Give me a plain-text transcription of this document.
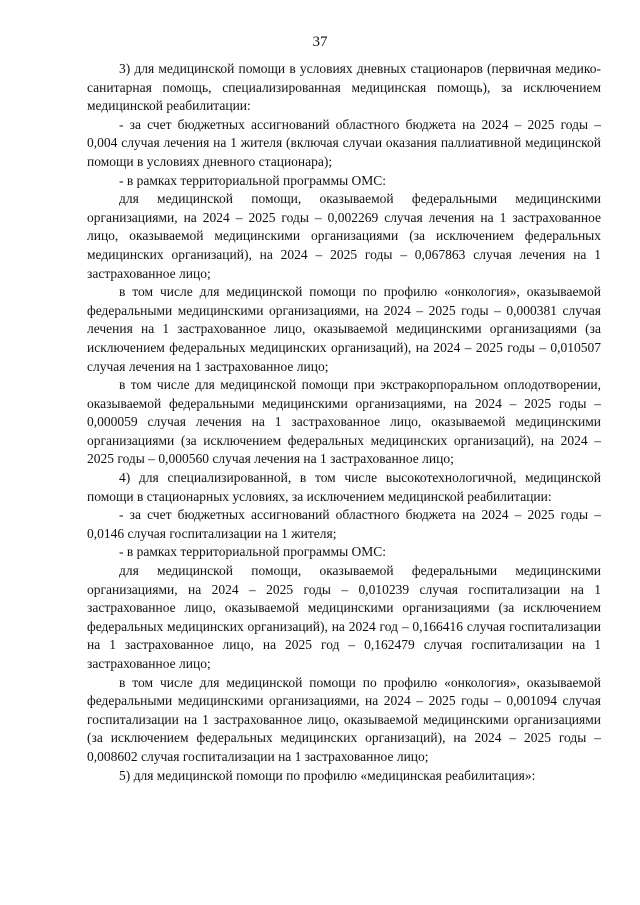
37

3) для медицинской помощи в условиях дневных стационаров (первичная медико-санитарная помощь, специализированная медицинская помощь), за исключением медицинской реабилитации:

- за счет бюджетных ассигнований областного бюджета на 2024 – 2025 годы – 0,004 случая лечения на 1 жителя (включая случаи оказания паллиативной медицинской помощи в условиях дневного стационара);

- в рамках территориальной программы ОМС:

для медицинской помощи, оказываемой федеральными медицинскими организациями, на 2024 – 2025 годы – 0,002269 случая лечения на 1 застрахованное лицо, оказываемой медицинскими организациями (за исключением федеральных медицинских организаций), на 2024 – 2025 годы – 0,067863 случая лечения на 1 застрахованное лицо;

в том числе для медицинской помощи по профилю «онкология», оказываемой федеральными медицинскими организациями, на 2024 – 2025 годы – 0,000381 случая лечения на 1 застрахованное лицо, оказываемой медицинскими организациями (за исключением федеральных медицинских организаций), на 2024 – 2025 годы – 0,010507 случая лечения на 1 застрахованное лицо;

в том числе для медицинской помощи при экстракорпоральном оплодотворении, оказываемой федеральными медицинскими организациями, на 2024 – 2025 годы – 0,000059 случая лечения на 1 застрахованное лицо, оказываемой медицинскими организациями (за исключением федеральных медицинских организаций), на 2024 – 2025 годы – 0,000560 случая лечения на 1 застрахованное лицо;

4) для специализированной, в том числе высокотехнологичной, медицинской помощи в стационарных условиях, за исключением медицинской реабилитации:

- за счет бюджетных ассигнований областного бюджета на 2024 – 2025 годы – 0,0146 случая госпитализации на 1 жителя;

- в рамках территориальной программы ОМС:

для медицинской помощи, оказываемой федеральными медицинскими организациями, на 2024 – 2025 годы – 0,010239 случая госпитализации на 1 застрахованное лицо, оказываемой медицинскими организациями (за исключением федеральных медицинских организаций), на 2024 год – 0,166416 случая госпитализации на 1 застрахованное лицо, на 2025 год – 0,162479 случая госпитализации на 1 застрахованное лицо;

в том числе для медицинской помощи по профилю «онкология», оказываемой федеральными медицинскими организациями, на 2024 – 2025 годы – 0,001094 случая госпитализации на 1 застрахованное лицо, оказываемой медицинскими организациями (за исключением федеральных медицинских организаций), на 2024 – 2025 годы – 0,008602 случая госпитализации на 1 застрахованное лицо;

5) для медицинской помощи по профилю «медицинская реабилитация»:
